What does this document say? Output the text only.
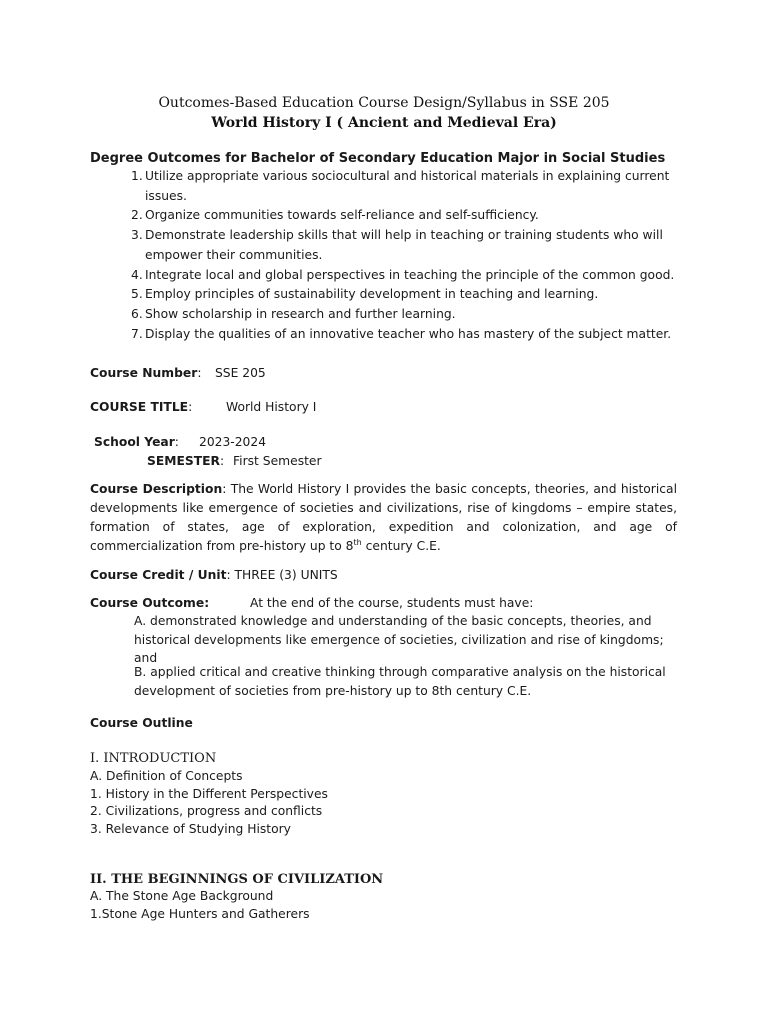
Outcomes-Based Education Course Design/Syllabus in SSE 205
World History I ( Ancient and Medieval Era)
Degree Outcomes for Bachelor of Secondary Education Major in Social Studies
1. Utilize appropriate various sociocultural and historical materials in explaining current issues.
2. Organize communities towards self-reliance and self-sufficiency.
3. Demonstrate leadership skills that will help in teaching or training students who will empower their communities.
4. Integrate local and global perspectives in teaching the principle of the common good.
5. Employ principles of sustainability development in teaching and learning.
6. Show scholarship in research and further learning.
7. Display the qualities of an innovative teacher who has mastery of the subject matter.
Course Number: SSE 205
COURSE TITLE:	World History I
School Year: 2023-2024
SEMESTER: First Semester
Course Description: The World History I provides the basic concepts, theories, and historical developments like emergence of societies and civilizations, rise of kingdoms – empire states, formation of states, age of exploration, expedition and colonization, and age of commercialization from pre-history up to 8th century C.E.
Course Credit / Unit: THREE (3) UNITS
Course Outcome:	At the end of the course, students must have:
A. demonstrated knowledge and understanding of the basic concepts, theories, and historical developments like emergence of societies, civilization and rise of kingdoms; and
B. applied critical and creative thinking through comparative analysis on the historical development of societies from pre-history up to 8th century C.E.
Course Outline
I. INTRODUCTION
A. Definition of Concepts
1. History in the Different Perspectives
2. Civilizations, progress and conflicts
3. Relevance of Studying History
II. THE BEGINNINGS OF CIVILIZATION
A. The Stone Age Background
1.Stone Age Hunters and Gatherers
